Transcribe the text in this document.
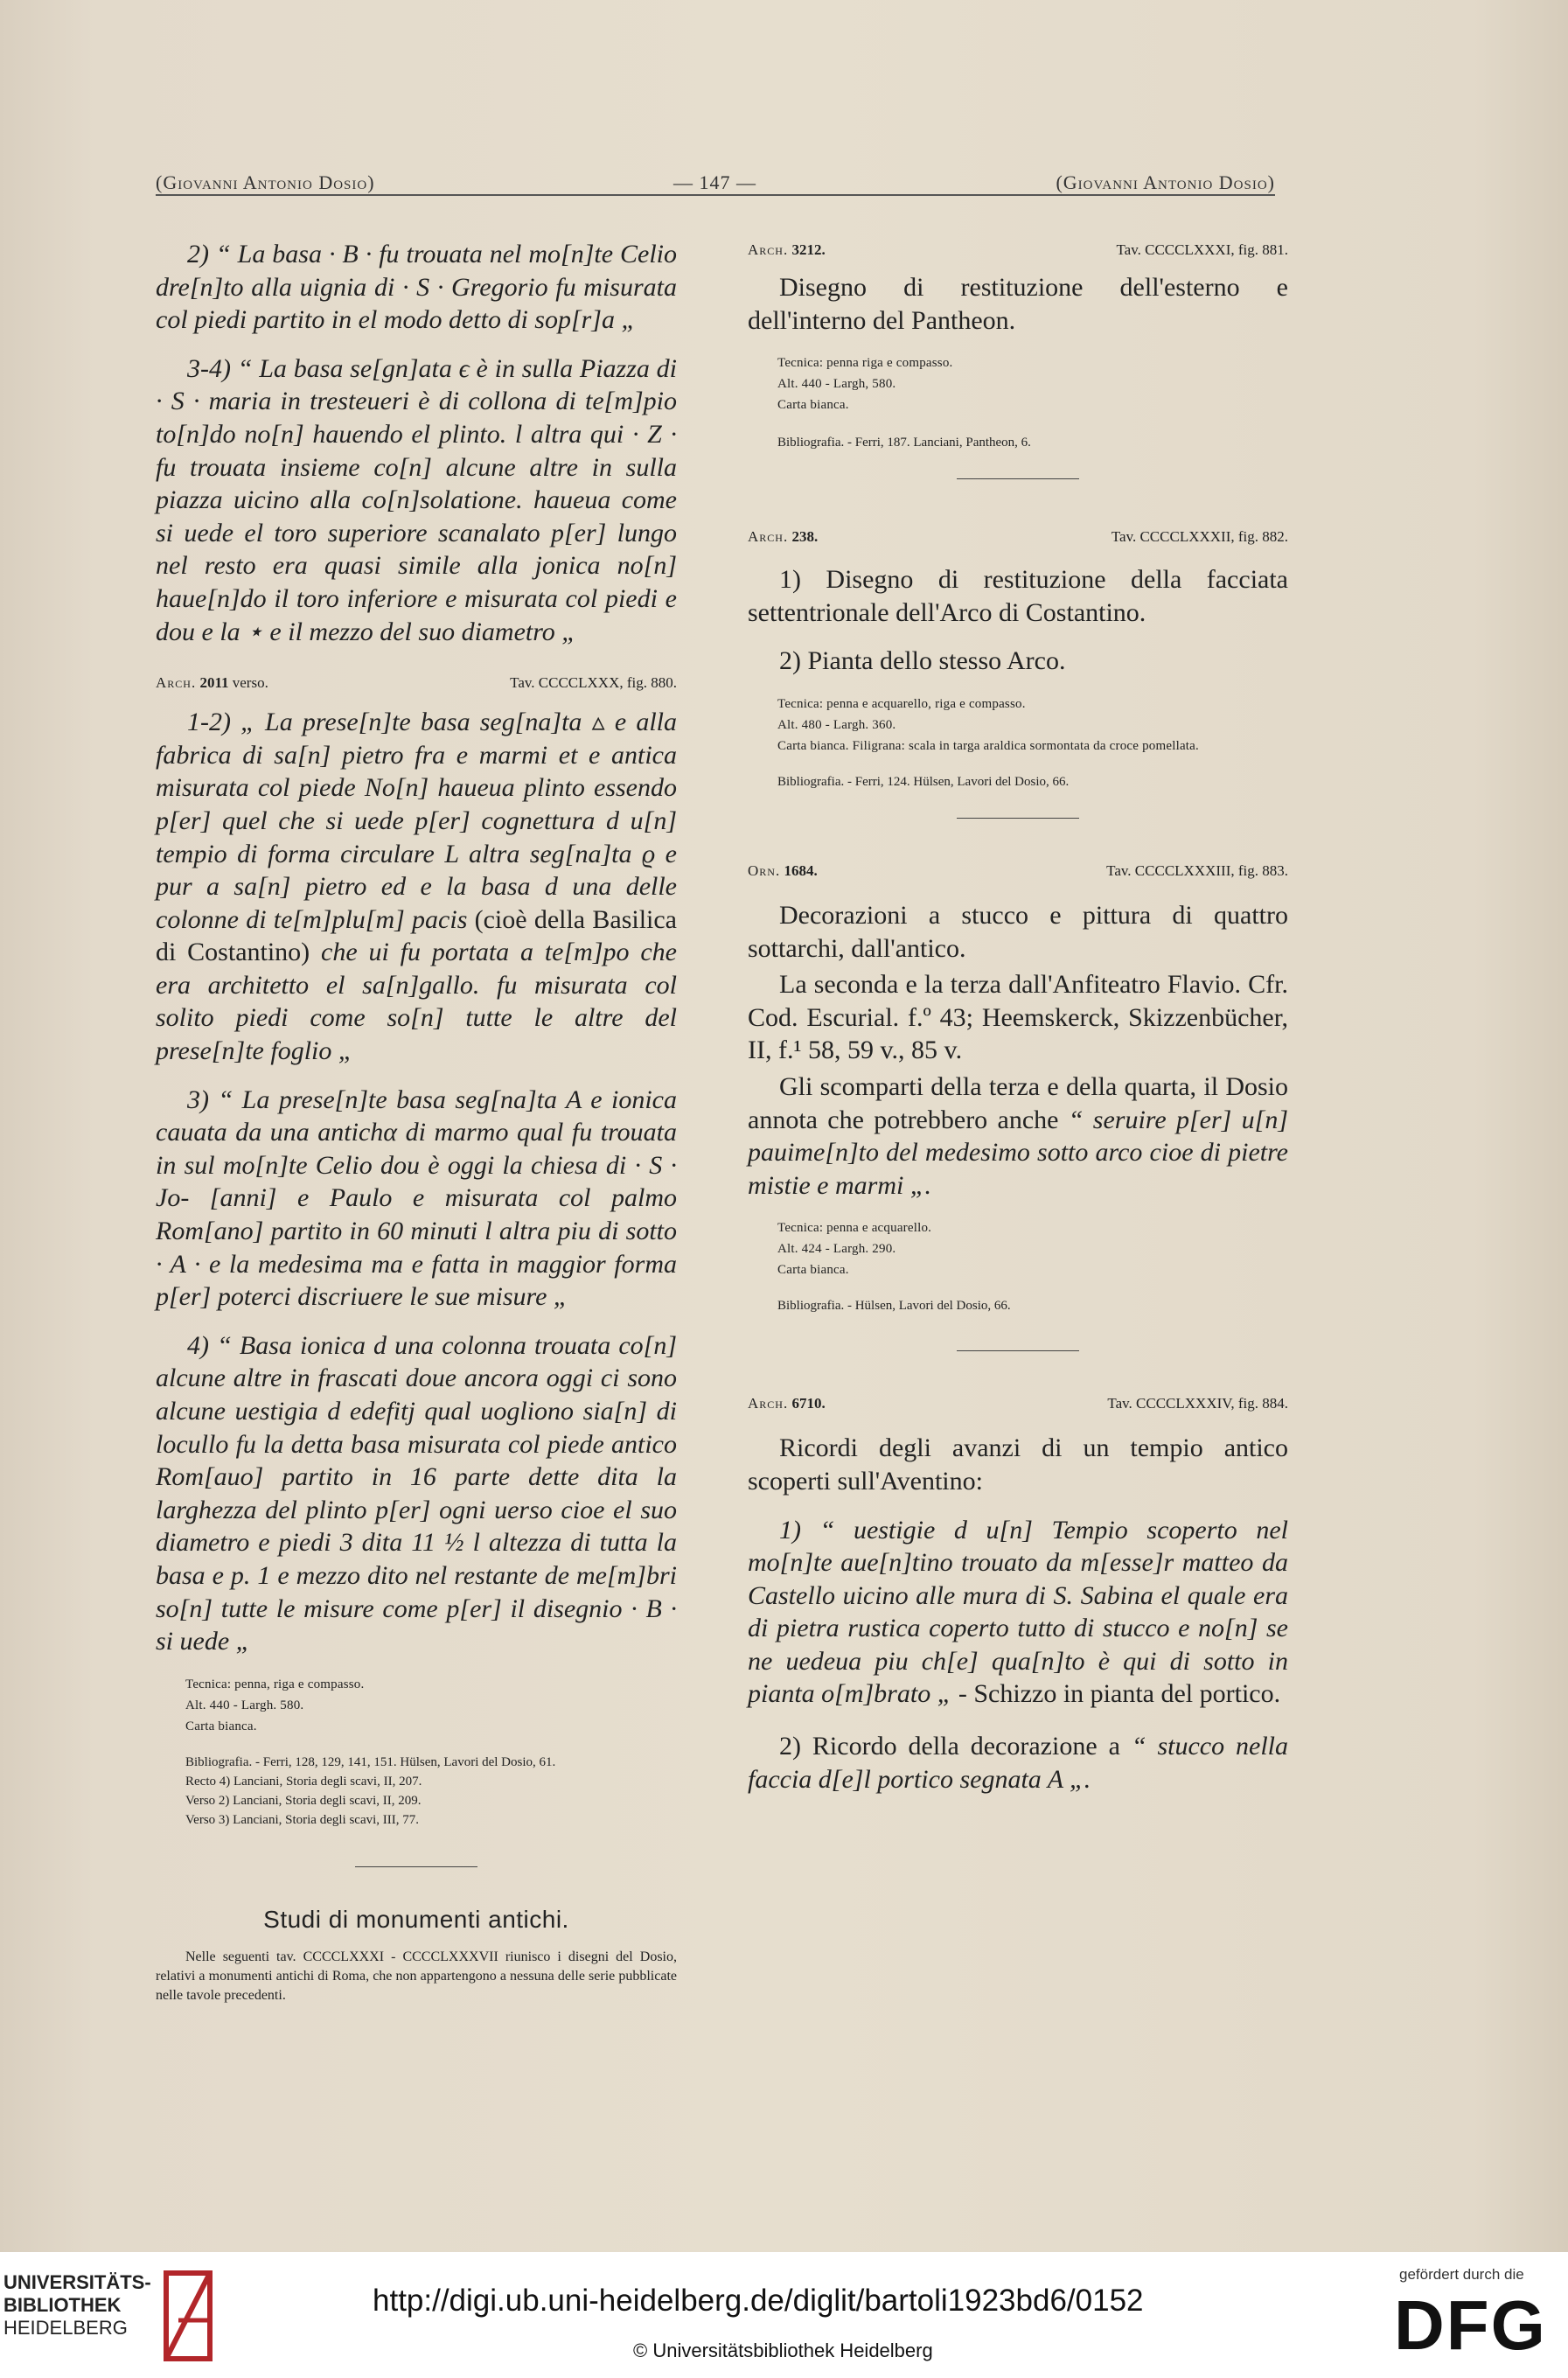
(Giovanni Antonio Dosio)	— 147 —	(Giovanni Antonio Dosio)

2) “ La basa · B · fu trouata nel mo[n]te Celio dre[n]to alla uignia di · S · Gregorio fu misurata col piedi partito in el modo detto di sop[r]a „

3-4) “ La basa se[gn]ata ϵ è in sulla Piazza di · S · maria in tresteueri è di collona di te[m]pio to[n]do no[n] hauendo el plinto. l altra qui · Z · fu trouata insieme co[n] alcune altre in sulla piazza uicino alla co[n]solatione. haueua come si uede el toro superiore scanalato p[er] lungo nel resto era quasi simile alla jonica no[n] haue[n]do il toro inferiore e misurata col piedi e dou e la ⋆ e il mezzo del suo diametro „

Arch. 2011 verso.	Tav. CCCCLXXX, fig. 880.

1-2) „ La prese[n]te basa seg[na]ta ▵ e alla fabrica di sa[n] pietro fra e marmi et e antica misurata col piede No[n] haueua plinto essendo p[er] quel che si uede p[er] cognettura d u[n] tempio di forma circulare L altra seg[na]ta ϱ e pur a sa[n] pietro ed e la basa d una delle colonne di te[m]plu[m] pacis (cioè della Basilica di Costantino) che ui fu portata a te[m]po che era architetto el sa[n]gallo. fu misurata col solito piedi come so[n] tutte le altre del prese[n]te foglio „

3) “ La prese[n]te basa seg[na]ta A e ionica cauata da una antichα di marmo qual fu trouata in sul mo[n]te Celio dou è oggi la chiesa di · S · Jo- [anni] e Paulo e misurata col palmo Rom[ano] partito in 60 minuti l altra piu di sotto · A · e la medesima ma e fatta in maggior forma p[er] poterci discriuere le sue misure „

4) “ Basa ionica d una colonna trouata co[n] alcune altre in frascati doue ancora oggi ci sono alcune uestigia d edefitj qual uogliono sia[n] di locullo fu la detta basa misurata col piede antico Rom[auo] partito in 16 parte dette dita la larghezza del plinto p[er] ogni uerso cioe el suo diametro e piedi 3 dita 11 ½ l altezza di tutta la basa e p. 1 e mezzo dito nel restante de me[m]bri so[n] tutte le misure come p[er] il disegnio · B · si uede „

Tecnica: penna, riga e compasso.

Alt. 440 - Largh. 580.

Carta bianca.

Bibliografia. - Ferri, 128, 129, 141, 151. Hülsen, Lavori del Dosio, 61.

Recto 4) Lanciani, Storia degli scavi, II, 207.

Verso 2) Lanciani, Storia degli scavi, II, 209.

Verso 3) Lanciani, Storia degli scavi, III, 77.

Studi di monumenti antichi.

Nelle seguenti tav. CCCCLXXXI - CCCCLXXXVII riunisco i disegni del Dosio, relativi a monumenti antichi di Roma, che non appartengono a nessuna delle serie pubblicate nelle tavole precedenti.

Arch. 3212.	Tav. CCCCLXXXI, fig. 881.

Disegno di restituzione dell'esterno e dell'interno del Pantheon.

Tecnica: penna riga e compasso.

Alt. 440 - Largh, 580.

Carta bianca.

Bibliografia. - Ferri, 187. Lanciani, Pantheon, 6.

Arch. 238.	Tav. CCCCLXXXII, fig. 882.

1) Disegno di restituzione della facciata settentrionale dell'Arco di Costantino.

2) Pianta dello stesso Arco.

Tecnica: penna e acquarello, riga e compasso.

Alt. 480 - Largh. 360.

Carta bianca. Filigrana: scala in targa araldica sormontata da croce pomellata.

Bibliografia. - Ferri, 124. Hülsen, Lavori del Dosio, 66.

Orn. 1684.	Tav. CCCCLXXXIII, fig. 883.

Decorazioni a stucco e pittura di quattro sottarchi, dall'antico.

La seconda e la terza dall'Anfiteatro Flavio. Cfr. Cod. Escurial. f.º 43; Heemskerck, Skizzenbücher, II, f.¹ 58, 59 v., 85 v.

Gli scomparti della terza e della quarta, il Dosio annota che potrebbero anche “ seruire p[er] u[n] pauime[n]to del medesimo sotto arco cioe di pietre mistie e marmi „.

Tecnica: penna e acquarello.

Alt. 424 - Largh. 290.

Carta bianca.

Bibliografia. - Hülsen, Lavori del Dosio, 66.

Arch. 6710.	Tav. CCCCLXXXIV, fig. 884.

Ricordi degli avanzi di un tempio antico scoperti sull'Aventino:

1) “ uestigie d u[n] Tempio scoperto nel mo[n]te aue[n]tino trouato da m[esse]r matteo da Castello uicino alle mura di S. Sabina el quale era di pietra rustica coperto tutto di stucco e no[n] se ne uedeua piu ch[e] qua[n]to è qui di sotto in pianta o[m]brato „ - Schizzo in pianta del portico.

2) Ricordo della decorazione a “ stucco nella faccia d[e]l portico segnata A „.

UNIVERSITÄTS-
BIBLIOTHEK
HEIDELBERG
http://digi.ub.uni-heidelberg.de/diglit/bartoli1923bd6/0152
© Universitätsbibliothek Heidelberg
gefördert durch die
DFG
